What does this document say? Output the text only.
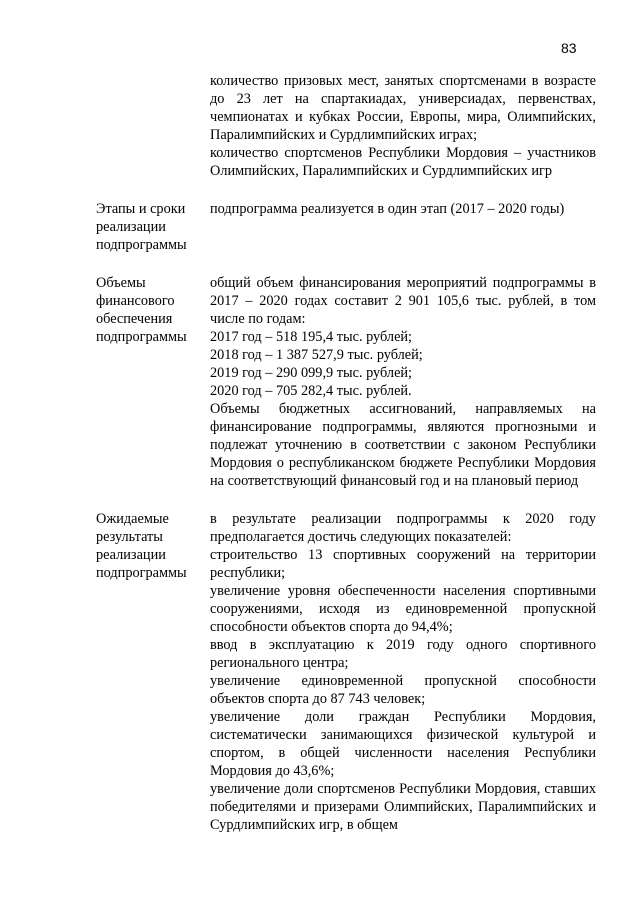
83

количество призовых мест, занятых спортсменами в возрасте до 23 лет на спартакиадах, универсиадах, первенствах, чемпионатах и кубках России, Европы, мира, Олимпийских, Паралимпийских и Сурдлимпийских играх;

количество спортсменов Республики Мордовия – участников Олимпийских, Паралимпийских и Сурдлимпийских игр

Этапы и сроки реализации подпрограммы

подпрограмма реализуется в один этап (2017 – 2020 годы)

Объемы финансового обеспечения подпрограммы

общий объем финансирования мероприятий подпрограммы в 2017 – 2020 годах составит 2 901 105,6 тыс. рублей, в том числе по годам:

2017 год – 518 195,4 тыс. рублей;

2018 год – 1 387 527,9 тыс. рублей;

2019 год – 290 099,9 тыс. рублей;

2020 год – 705 282,4 тыс. рублей.

Объемы бюджетных ассигнований, направляемых на финансирование подпрограммы, являются прогнозными и подлежат уточнению в соответствии с законом Республики Мордовия о республиканском бюджете Республики Мордовия на соответствующий финансовый год и на плановый период

Ожидаемые результаты реализации подпрограммы

в результате реализации подпрограммы к 2020 году предполагается достичь следующих показателей:

строительство 13 спортивных сооружений на территории республики;

увеличение уровня обеспеченности населения спортивными сооружениями, исходя из единовременной пропускной способности объектов спорта до 94,4%;

ввод в эксплуатацию к 2019 году одного спортивного регионального центра;

увеличение единовременной пропускной способности объектов спорта до 87 743 человек;

увеличение доли граждан Республики Мордовия, систематически занимающихся физической культурой и спортом, в общей численности населения Республики Мордовия до 43,6%;

увеличение доли спортсменов Республики Мордовия, ставших победителями и призерами Олимпийских, Паралимпийских и Сурдлимпийских игр, в общем
